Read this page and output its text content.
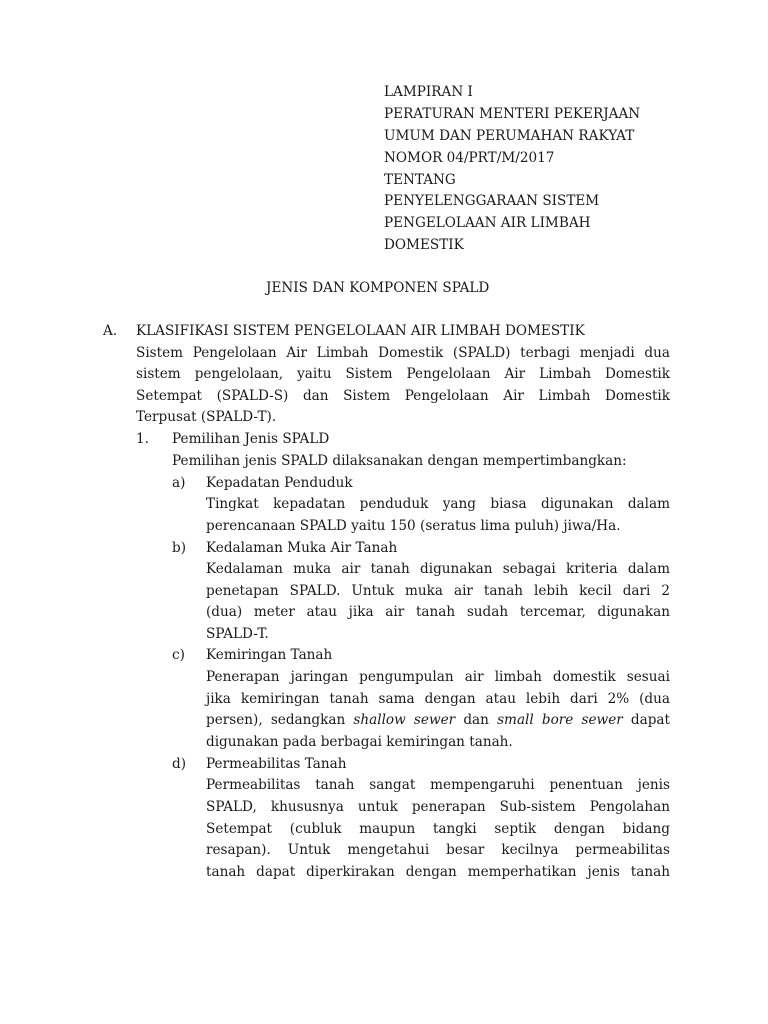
LAMPIRAN I
PERATURAN MENTERI PEKERJAAN
UMUM DAN PERUMAHAN RAKYAT
NOMOR 04/PRT/M/2017
TENTANG
PENYELENGGARAAN SISTEM
PENGELOLAAN AIR LIMBAH
DOMESTIK
JENIS DAN KOMPONEN SPALD
A. KLASIFIKASI SISTEM PENGELOLAAN AIR LIMBAH DOMESTIK
Sistem Pengelolaan Air Limbah Domestik (SPALD) terbagi menjadi dua
sistem pengelolaan, yaitu Sistem Pengelolaan Air Limbah Domestik
Setempat (SPALD-S) dan Sistem Pengelolaan Air Limbah Domestik
Terpusat (SPALD-T).
1. Pemilihan Jenis SPALD
Pemilihan jenis SPALD dilaksanakan dengan mempertimbangkan:
a) Kepadatan Penduduk
Tingkat kepadatan penduduk yang biasa digunakan dalam
perencanaan SPALD yaitu 150 (seratus lima puluh) jiwa/Ha.
b) Kedalaman Muka Air Tanah
Kedalaman muka air tanah digunakan sebagai kriteria dalam
penetapan SPALD. Untuk muka air tanah lebih kecil dari 2
(dua) meter atau jika air tanah sudah tercemar, digunakan
SPALD-T.
c) Kemiringan Tanah
Penerapan jaringan pengumpulan air limbah domestik sesuai
jika kemiringan tanah sama dengan atau lebih dari 2% (dua
persen), sedangkan shallow sewer dan small bore sewer dapat
digunakan pada berbagai kemiringan tanah.
d) Permeabilitas Tanah
Permeabilitas tanah sangat mempengaruhi penentuan jenis
SPALD, khususnya untuk penerapan Sub-sistem Pengolahan
Setempat (cubluk maupun tangki septik dengan bidang
resapan). Untuk mengetahui besar kecilnya permeabilitas
tanah dapat diperkirakan dengan memperhatikan jenis tanah
